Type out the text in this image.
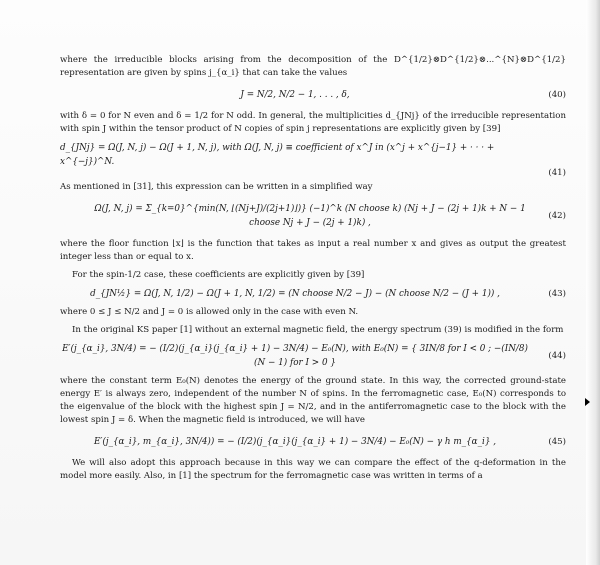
where the irreducible blocks arising from the decomposition of the D^{1/2}⊗D^{1/2}⊗...^{N}⊗D^{1/2} representation are given by spins j_{α_i} that can take the values

J = N/2, N/2 − 1, . . . , δ,	(40)

with δ = 0 for N even and δ = 1/2 for N odd. In general, the multiplicities d_{JNj} of the irreducible representation with spin J within the tensor product of N copies of spin j representations are explicitly given by [39]

d_{JNj} = Ω(J, N, j) − Ω(J + 1, N, j), with Ω(J, N, j) ≡ coefficient of x^J in (x^j + x^{j−1} + · · · + x^{−j})^N.
(41)

As mentioned in [31], this expression can be written in a simplified way

Ω(J, N, j) = Σ_{k=0}^{min(N, ⌊(Nj+J)/(2j+1)⌋)} (−1)^k (N choose k) (Nj + J − (2j + 1)k + N − 1 choose Nj + J − (2j + 1)k) ,
(42)

where the floor function ⌊x⌋ is the function that takes as input a real number x and gives as output the greatest integer less than or equal to x.

For the spin-1/2 case, these coefficients are explicitly given by [39]

d_{JN½} = Ω(J, N, 1/2) − Ω(J + 1, N, 1/2) = (N choose N/2 − J) − (N choose N/2 − (J + 1)) ,	(43)

where 0 ≤ J ≤ N/2 and J = 0 is allowed only in the case with even N.

In the original KS paper [1] without an external magnetic field, the energy spectrum (39) is modified in the form

E′(j_{α_i}, 3N/4) = − (I/2)(j_{α_i}(j_{α_i} + 1) − 3N/4) − E₀(N), with E₀(N) = { 3IN/8 for I < 0 ; −(IN/8)(N − 1) for I > 0 }
(44)

where the constant term E₀(N) denotes the energy of the ground state. In this way, the corrected ground-state energy E′ is always zero, independent of the number N of spins. In the ferromagnetic case, E₀(N) corresponds to the eigenvalue of the block with the highest spin J = N/2, and in the antiferromagnetic case to the block with the lowest spin J = δ. When the magnetic field is introduced, we will have

E′(j_{α_i}, m_{α_i}, 3N/4)) = − (I/2)(j_{α_i}(j_{α_i} + 1) − 3N/4) − E₀(N) − γ h m_{α_i} ,	(45)

We will also adopt this approach because in this way we can compare the effect of the q-deformation in the model more easily. Also, in [1] the spectrum for the ferromagnetic case was written in terms of a
